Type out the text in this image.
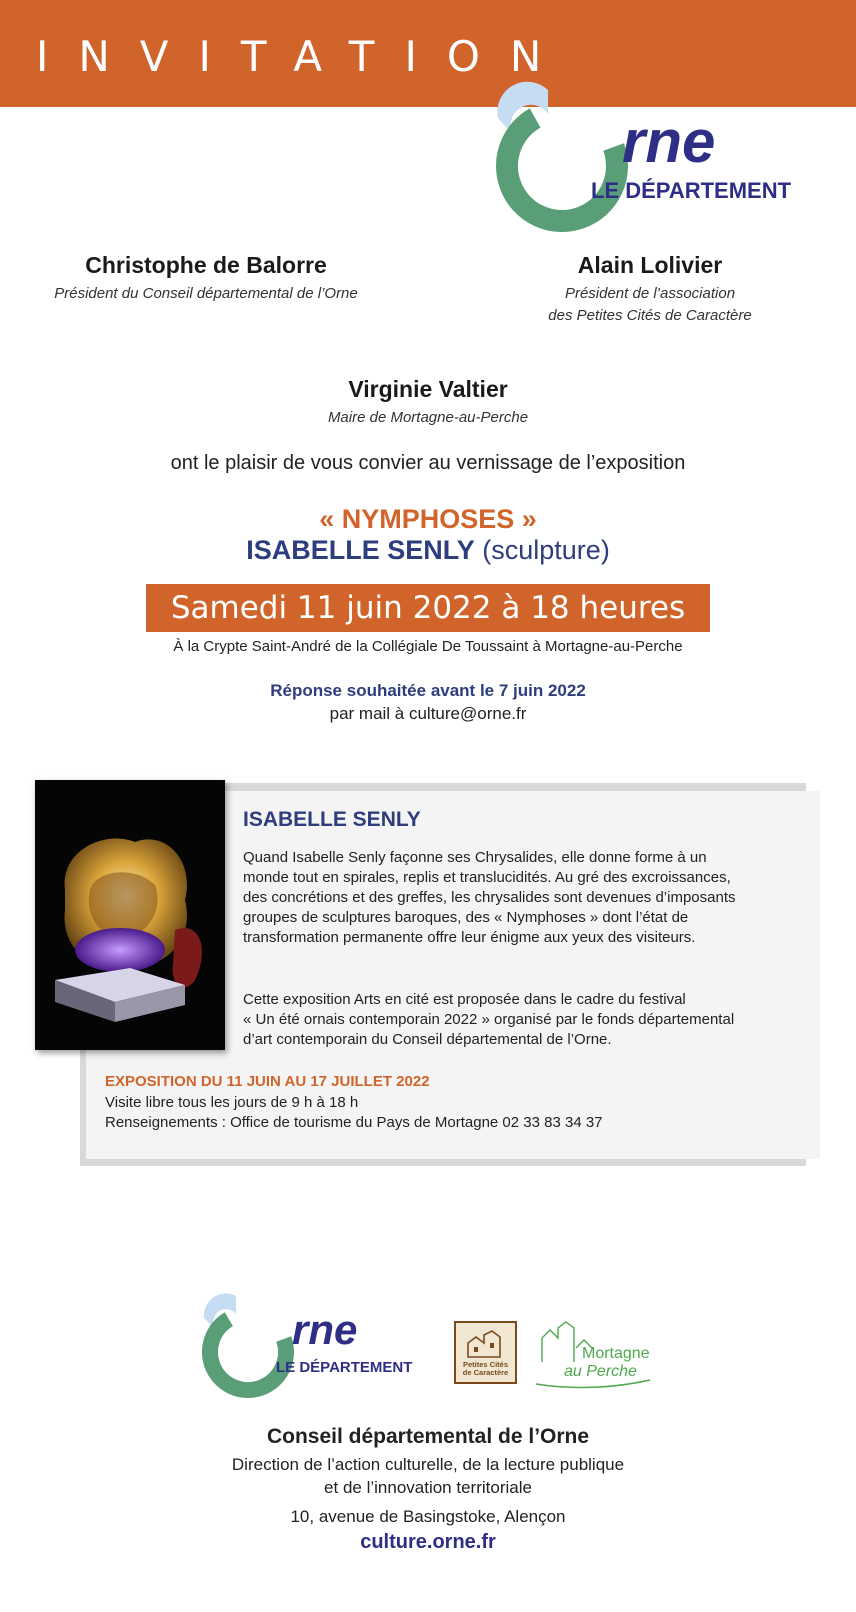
INVITATION
rne
LE DÉPARTEMENT
Christophe de Balorre
Président du Conseil départemental de l’Orne
Alain Lolivier
Président de l’association
des Petites Cités de Caractère
Virginie Valtier
Maire de Mortagne-au-Perche
ont le plaisir de vous convier au vernissage de l’exposition
« NYMPHOSES »
ISABELLE SENLY (sculpture)
Samedi 11 juin 2022 à 18 heures
À la Crypte Saint-André de la Collégiale De Toussaint à Mortagne-au-Perche
Réponse souhaitée avant le 7 juin 2022
par mail à culture@orne.fr
ISABELLE SENLY
Quand Isabelle Senly façonne ses Chrysalides, elle donne forme à un
monde tout en spirales, replis et translucidités. Au gré des excroissances,
des concrétions et des greffes, les chrysalides sont devenues d’imposants
groupes de sculptures baroques, des « Nymphoses » dont l’état de
transformation permanente offre leur énigme aux yeux des visiteurs.
Cette exposition Arts en cité est proposée dans le cadre du festival
« Un été ornais contemporain 2022 » organisé par le fonds départemental
d’art contemporain du Conseil départemental de l’Orne.
EXPOSITION DU 11 JUIN AU 17 JUILLET 2022
Visite libre tous les jours de 9 h à 18 h
Renseignements : Office de tourisme du Pays de Mortagne 02 33 83 34 37
rne
LE DÉPARTEMENT	Petites Cités
de Caractère
Mortagne
au Perche
Conseil départemental de l’Orne
Direction de l’action culturelle, de la lecture publique
et de l’innovation territoriale
10, avenue de Basingstoke, Alençon
culture.orne.fr
